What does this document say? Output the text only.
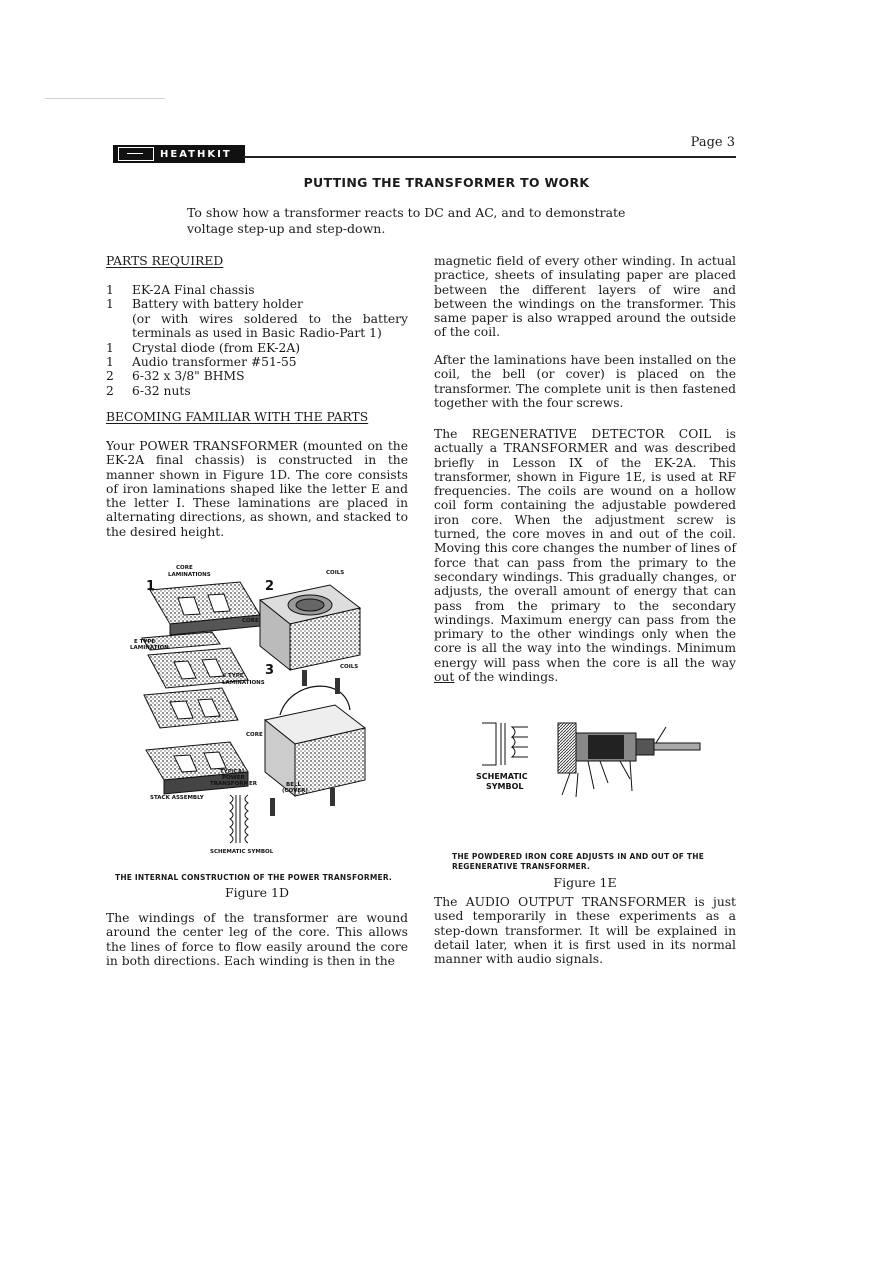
HEATHKIT
Page 3
PUTTING THE TRANSFORMER TO WORK
To show how a transformer reacts to DC and AC, and to demonstrate voltage step-up and step-down.
PARTS REQUIRED
1	EK-2A Final chassis
1	Battery with battery holder
(or with wires soldered to the battery terminals as used in Basic Radio-Part 1)
1	Crystal diode (from EK-2A)
1	Audio transformer #51-55
2	6-32 x 3/8" BHMS
2	6-32 nuts
BECOMING FAMILIAR WITH THE PARTS
Your POWER TRANSFORMER (mounted on the EK-2A final chassis) is constructed in the manner shown in Figure 1D. The core consists of iron laminations shaped like the letter E and the letter I. These laminations are placed in alternating directions, as shown, and stacked to the desired height.
CORE
LAMINATIONS	COILS
CORE
E TYPE
LAMINATION
I TYPE
LAMINATIONS
COILS
CORE
TYPICAL
POWER
TRANSFORMER	BELL
(COVER)
STACK ASSEMBLY
SCHEMATIC SYMBOL
1	2
3
THE INTERNAL CONSTRUCTION OF THE POWER TRANSFORMER.
Figure 1D
The windings of the transformer are wound around the center leg of the core. This allows the lines of force to flow easily around the core in both directions. Each winding is then in the
magnetic field of every other winding. In actual practice, sheets of insulating paper are placed between the different layers of wire and between the windings on the transformer. This same paper is also wrapped around the outside of the coil.
After the laminations have been installed on the coil, the bell (or cover) is placed on the transformer. The complete unit is then fastened together with the four screws.
The REGENERATIVE DETECTOR COIL is actually a TRANSFORMER and was described briefly in Lesson IX of the EK-2A. This transformer, shown in Figure 1E, is used at RF frequencies. The coils are wound on a hollow coil form containing the adjustable powdered iron core. When the adjustment screw is turned, the core moves in and out of the coil. Moving this core changes the number of lines of force that can pass from the primary to the secondary windings. This gradually changes, or adjusts, the overall amount of energy that can pass from the primary to the secondary windings. Maximum energy can pass from the primary to the other windings only when the core is all the way into the windings. Minimum energy will pass when the core is all the way out of the windings.
SCHEMATIC
SYMBOL
THE POWDERED IRON CORE ADJUSTS IN AND OUT OF THE
REGENERATIVE TRANSFORMER.
Figure 1E
The AUDIO OUTPUT TRANSFORMER is just used temporarily in these experiments as a step-down transformer. It will be explained in detail later, when it is first used in its normal manner with audio signals.
